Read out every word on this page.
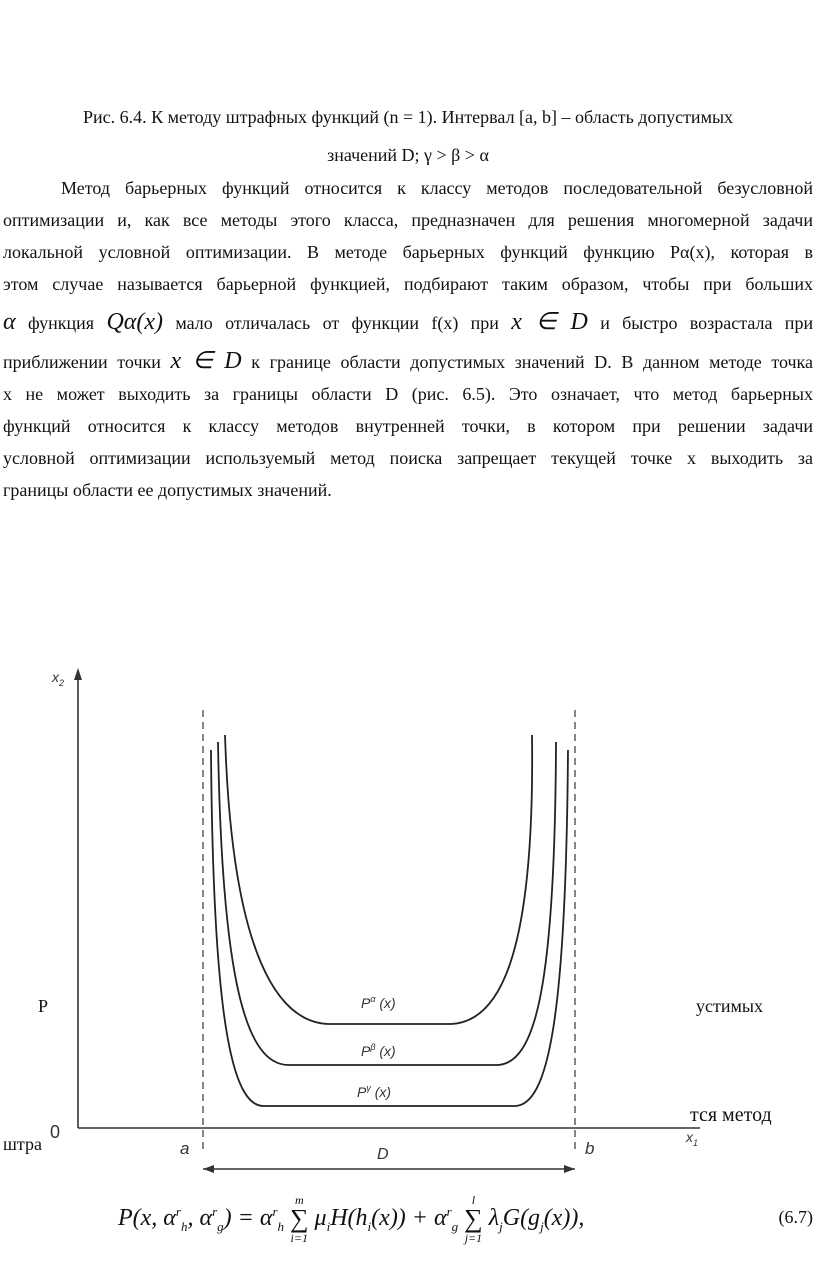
Рис. 6.4. К методу штрафных функций (n = 1). Интервал [a, b] – область допустимых
значений D; γ > β > α
Метод барьерных функций относится к классу методов последовательной безусловной
оптимизации и, как все методы этого класса, предназначен для решения многомерной задачи
локальной условной оптимизации. В методе барьерных функций функцию Pα(x), которая в
этом случае называется барьерной функцией, подбирают таким образом, чтобы при больших
α функция Qα(x) мало отличалась от функции f(x) при x ∈ D и быстро возрастала при
приближении точки x ∈ D к границе области допустимых значений D. В данном методе точка
x не может выходить за границы области D (рис. 6.5). Это означает, что метод барьерных
функций относится к классу методов внутренней точки, в котором при решении задачи
условной оптимизации используемый метод поиска запрещает текущей точке x выходить за
границы области ее допустимых значений.
Р	устимых
тся метод
штра
$P^\alpha$ (x)
$P^\beta$ (x)
$P^\gamma$ (x)
$x_2$
$x_1$
0
a	b
D
P(x, $\alpha^r_h$, $\alpha^r_g) = \alpha^r_h$
m
∑
i=1
$\mu_iH(h_i(x)) + \alpha^r_g$
l
∑
j=1
$\lambda_jG(g_j(x))$,	(6.7)
